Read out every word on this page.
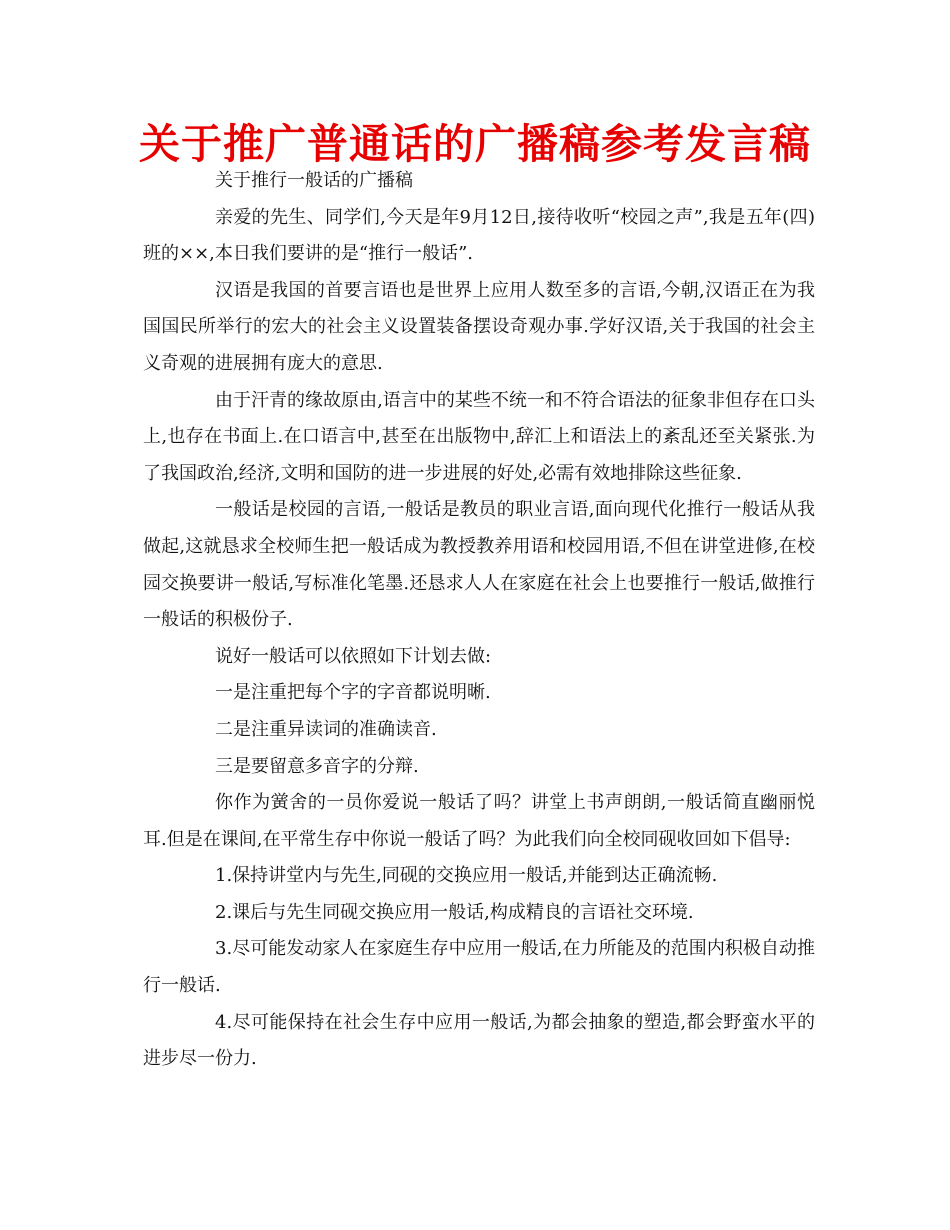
关于推广普通话的广播稿参考发言稿

关于推行一般话的广播稿

亲爱的先生、同学们,今天是年9月12日,接待收听“校园之声”,我是五年(四)班的××,本日我们要讲的是“推行一般话”.

汉语是我国的首要言语也是世界上应用人数至多的言语,今朝,汉语正在为我国国民所举行的宏大的社会主义设置装备摆设奇观办事.学好汉语,关于我国的社会主义奇观的进展拥有庞大的意思.

由于汗青的缘故原由,语言中的某些不统一和不符合语法的征象非但存在口头上,也存在书面上.在口语言中,甚至在出版物中,辞汇上和语法上的紊乱还至关紧张.为了我国政治,经济,文明和国防的进一步进展的好处,必需有效地排除这些征象.

一般话是校园的言语,一般话是教员的职业言语,面向现代化推行一般话从我做起,这就恳求全校师生把一般话成为教授教养用语和校园用语,不但在讲堂进修,在校园交换要讲一般话,写标准化笔墨.还恳求人人在家庭在社会上也要推行一般话,做推行一般话的积极份子.

说好一般话可以依照如下计划去做:

一是注重把每个字的字音都说明晰.

二是注重异读词的准确读音.

三是要留意多音字的分辩.

你作为黉舍的一员你爱说一般话了吗？讲堂上书声朗朗,一般话简直幽丽悦耳.但是在课间,在平常生存中你说一般话了吗？为此我们向全校同砚收回如下倡导:

1.保持讲堂内与先生,同砚的交换应用一般话,并能到达正确流畅.

2.课后与先生同砚交换应用一般话,构成精良的言语社交环境.

3.尽可能发动家人在家庭生存中应用一般话,在力所能及的范围内积极自动推行一般话.

4.尽可能保持在社会生存中应用一般话,为都会抽象的塑造,都会野蛮水平的进步尽一份力.
